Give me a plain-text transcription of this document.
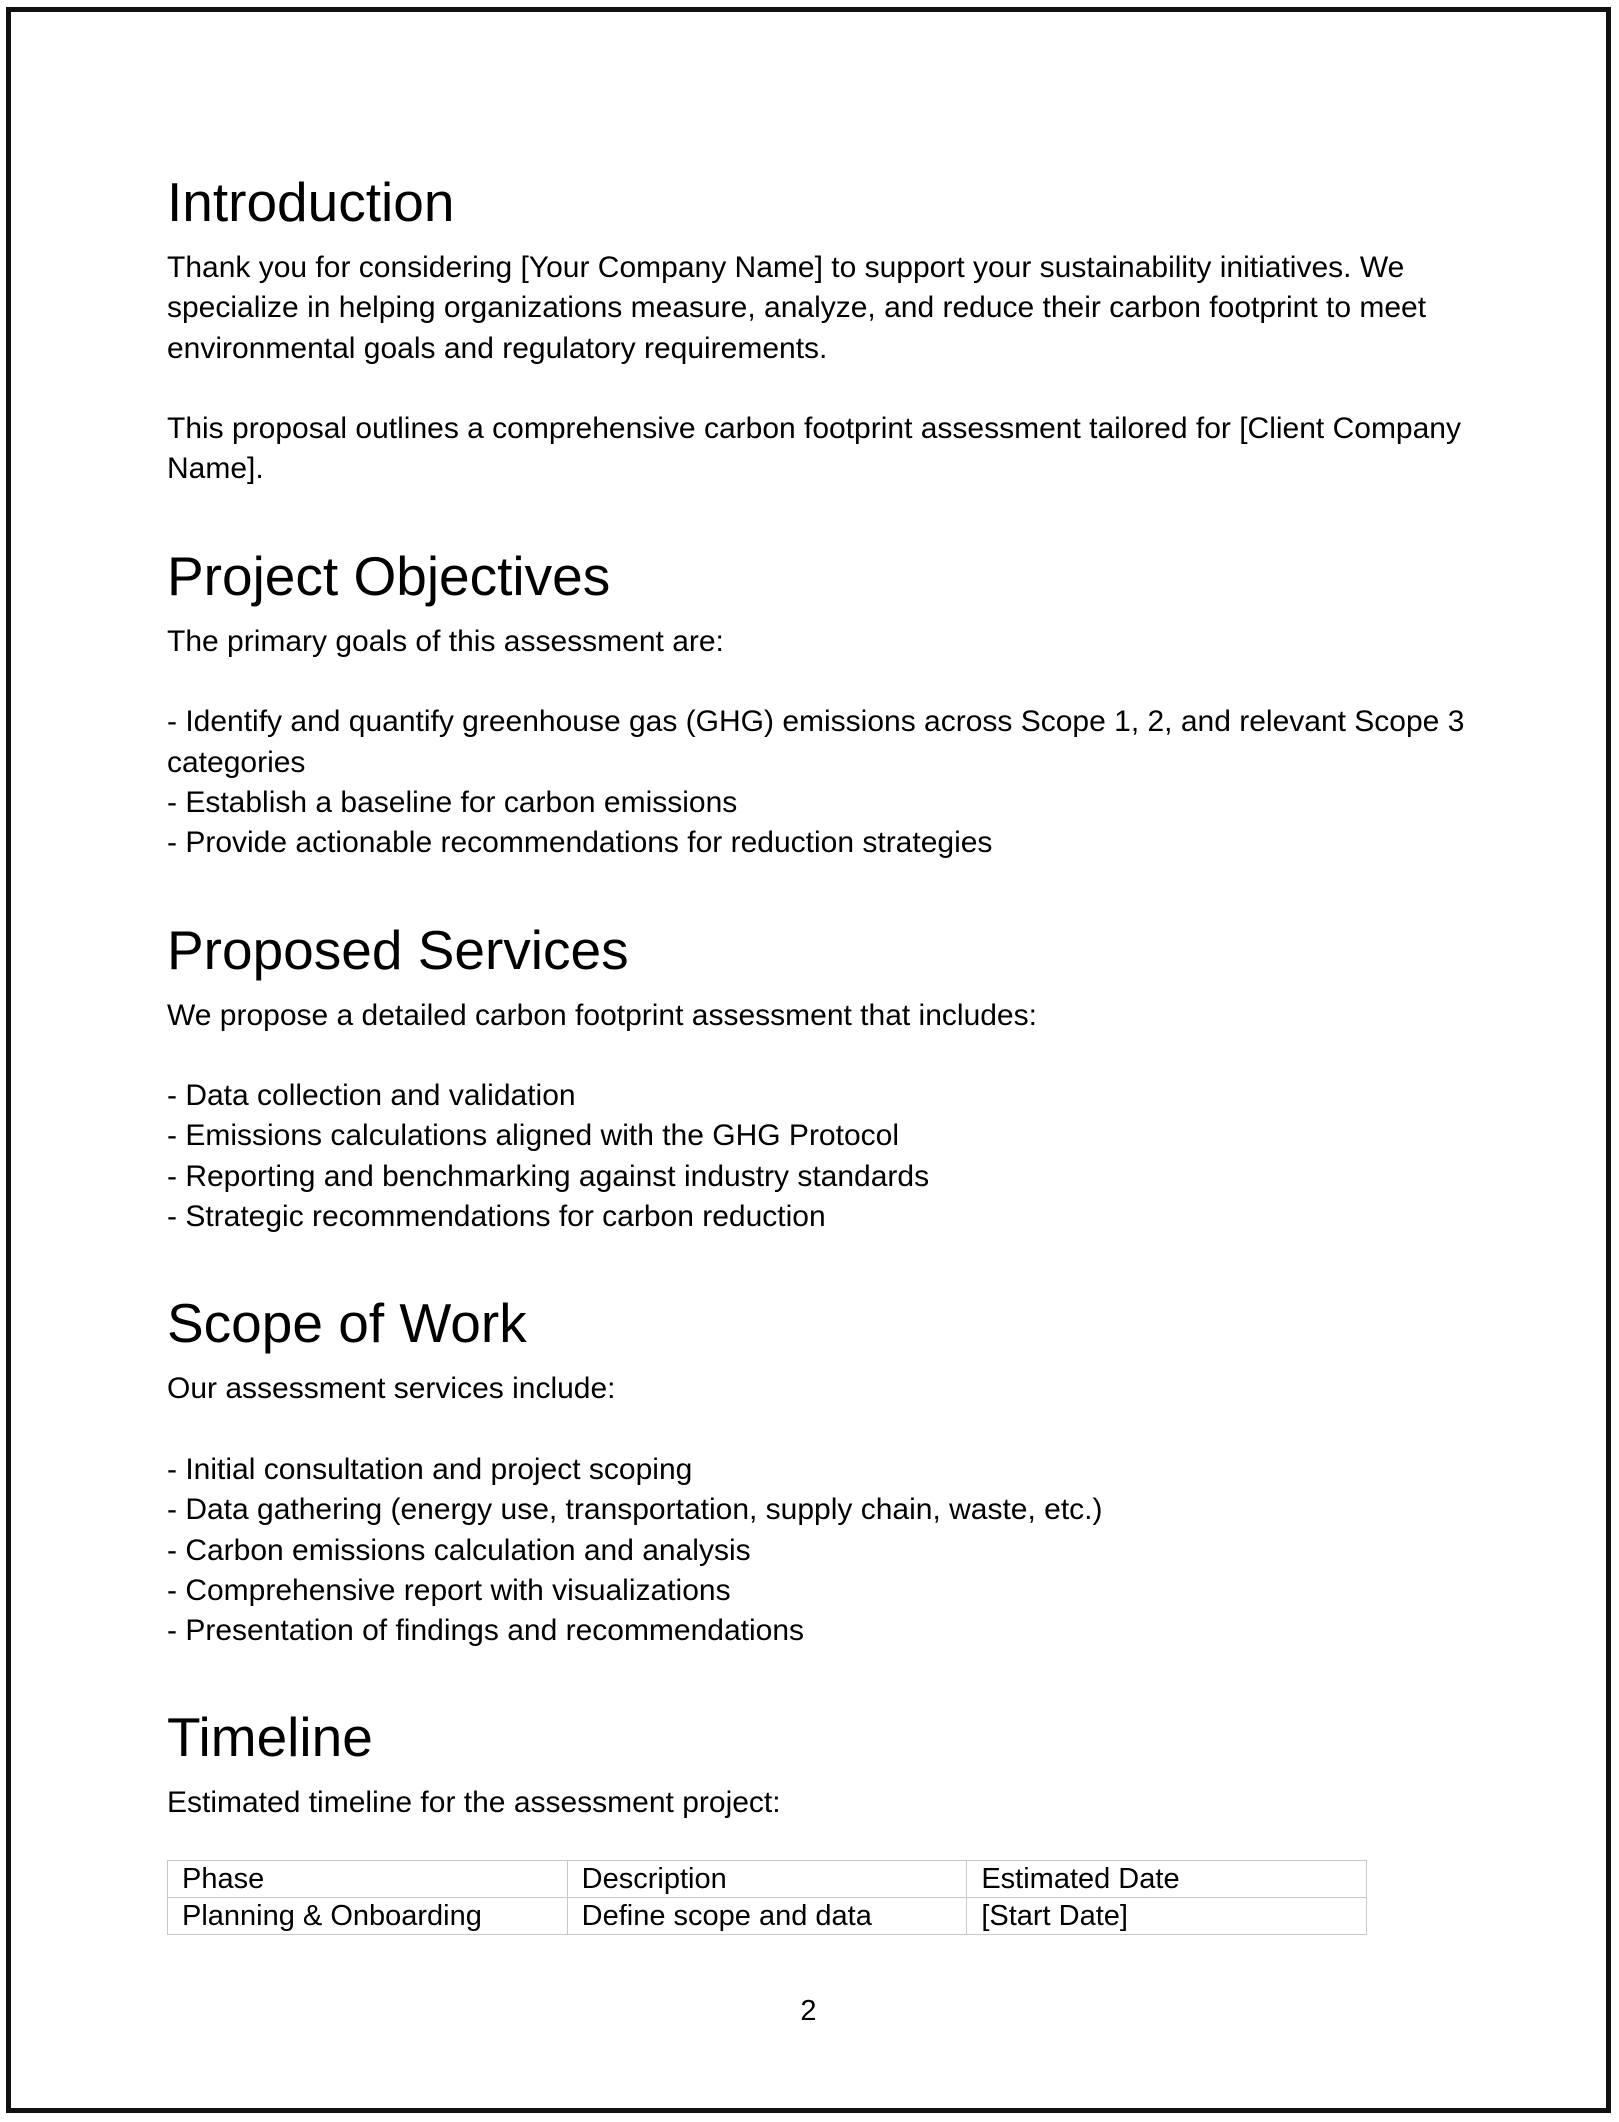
Introduction

Thank you for considering [Your Company Name] to support your sustainability initiatives. We specialize in helping organizations measure, analyze, and reduce their carbon footprint to meet environmental goals and regulatory requirements.

This proposal outlines a comprehensive carbon footprint assessment tailored for [Client Company Name].

Project Objectives

The primary goals of this assessment are:

- Identify and quantify greenhouse gas (GHG) emissions across Scope 1, 2, and relevant Scope 3 categories
- Establish a baseline for carbon emissions
- Provide actionable recommendations for reduction strategies
Proposed Services

We propose a detailed carbon footprint assessment that includes:

- Data collection and validation
- Emissions calculations aligned with the GHG Protocol
- Reporting and benchmarking against industry standards
- Strategic recommendations for carbon reduction
Scope of Work

Our assessment services include:

- Initial consultation and project scoping
- Data gathering (energy use, transportation, supply chain, waste, etc.)
- Carbon emissions calculation and analysis
- Comprehensive report with visualizations
- Presentation of findings and recommendations
Timeline

Estimated timeline for the assessment project:

Phase	Description	Estimated Date
Planning & Onboarding	Define scope and data	[Start Date]
2
